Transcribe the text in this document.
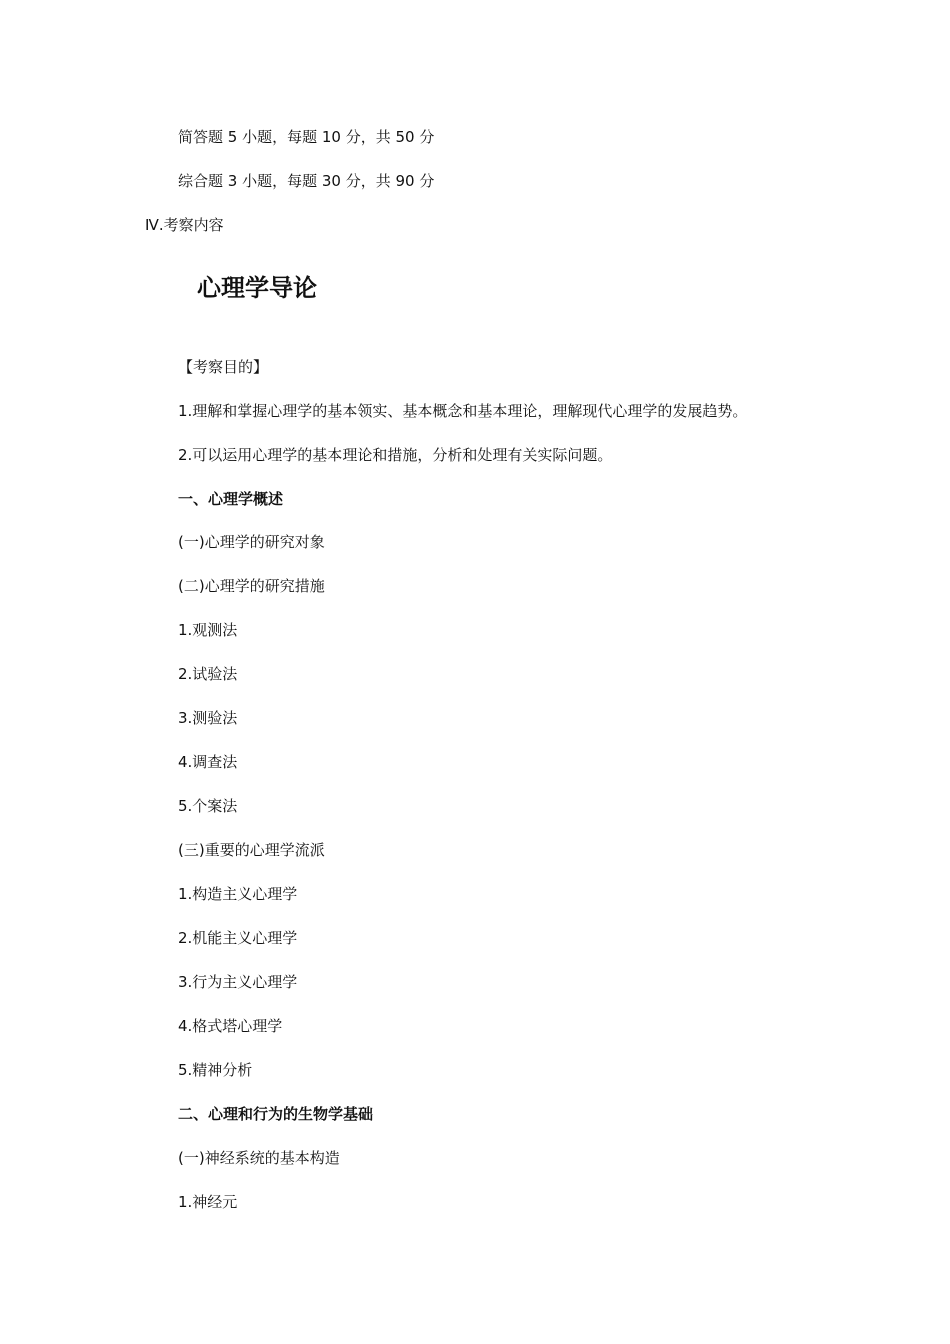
简答题 5 小题，每题 10 分，共 50 分
综合题 3 小题，每题 30 分，共 90 分
Ⅳ.考察内容
心理学导论
【考察目的】
1.理解和掌握心理学的基本领实、基本概念和基本理论，理解现代心理学的发展趋势。
2.可以运用心理学的基本理论和措施，分析和处理有关实际问题。
一、心理学概述
(一)心理学的研究对象
(二)心理学的研究措施
1.观测法
2.试验法
3.测验法
4.调查法
5.个案法
(三)重要的心理学流派
1.构造主义心理学
2.机能主义心理学
3.行为主义心理学
4.格式塔心理学
5.精神分析
二、心理和行为的生物学基础
(一)神经系统的基本构造
1.神经元
